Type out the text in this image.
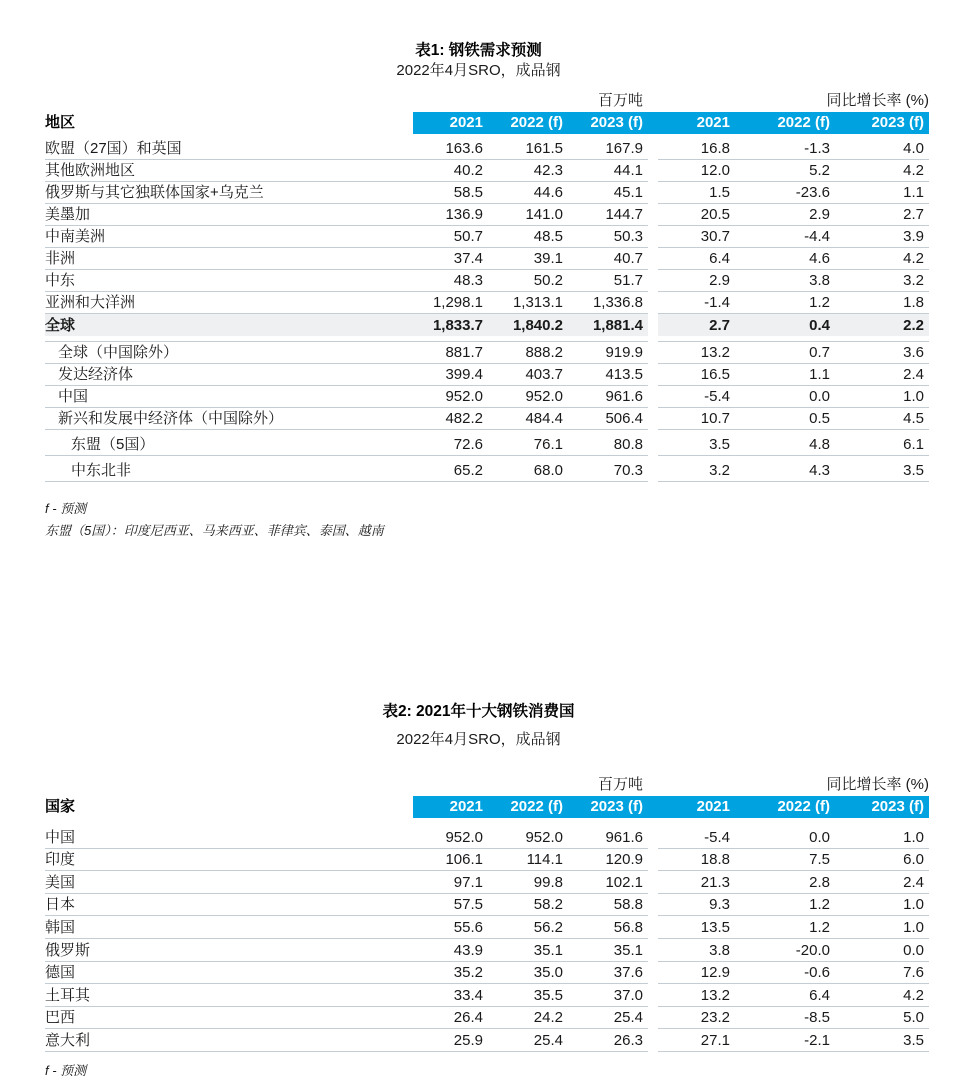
表1: 钢铁需求预测
2022年4月SRO，成品钢
百万吨	同比增长率 (%)
地区	2021	2022 (f)	2023 (f)	2021	2022 (f)	2023 (f)
欧盟（27国）和英国	163.6	161.5	167.9	16.8	-1.3	4.0
其他欧洲地区	40.2	42.3	44.1	12.0	5.2	4.2
俄罗斯与其它独联体国家+乌克兰	58.5	44.6	45.1	1.5	-23.6	1.1
美墨加	136.9	141.0	144.7	20.5	2.9	2.7
中南美洲	50.7	48.5	50.3	30.7	-4.4	3.9
非洲	37.4	39.1	40.7	6.4	4.6	4.2
中东	48.3	50.2	51.7	2.9	3.8	3.2
亚洲和大洋洲	1,298.1	1,313.1	1,336.8	-1.4	1.2	1.8
全球	1,833.7	1,840.2	1,881.4	2.7	0.4	2.2
全球（中国除外）	881.7	888.2	919.9	13.2	0.7	3.6
发达经济体	399.4	403.7	413.5	16.5	1.1	2.4
中国	952.0	952.0	961.6	-5.4	0.0	1.0
新兴和发展中经济体（中国除外）	482.2	484.4	506.4	10.7	0.5	4.5
东盟（5国）	72.6	76.1	80.8	3.5	4.8	6.1
中东北非	65.2	68.0	70.3	3.2	4.3	3.5
f - 预测
东盟（5国）：印度尼西亚、马来西亚、菲律宾、泰国、越南
表2: 2021年十大钢铁消费国
2022年4月SRO，成品钢
百万吨	同比增长率 (%)
国家	2021	2022 (f)	2023 (f)	2021	2022 (f)	2023 (f)
中国	952.0	952.0	961.6	-5.4	0.0	1.0
印度	106.1	114.1	120.9	18.8	7.5	6.0
美国	97.1	99.8	102.1	21.3	2.8	2.4
日本	57.5	58.2	58.8	9.3	1.2	1.0
韩国	55.6	56.2	56.8	13.5	1.2	1.0
俄罗斯	43.9	35.1	35.1	3.8	-20.0	0.0
德国	35.2	35.0	37.6	12.9	-0.6	7.6
土耳其	33.4	35.5	37.0	13.2	6.4	4.2
巴西	26.4	24.2	25.4	23.2	-8.5	5.0
意大利	25.9	25.4	26.3	27.1	-2.1	3.5
f - 预测
